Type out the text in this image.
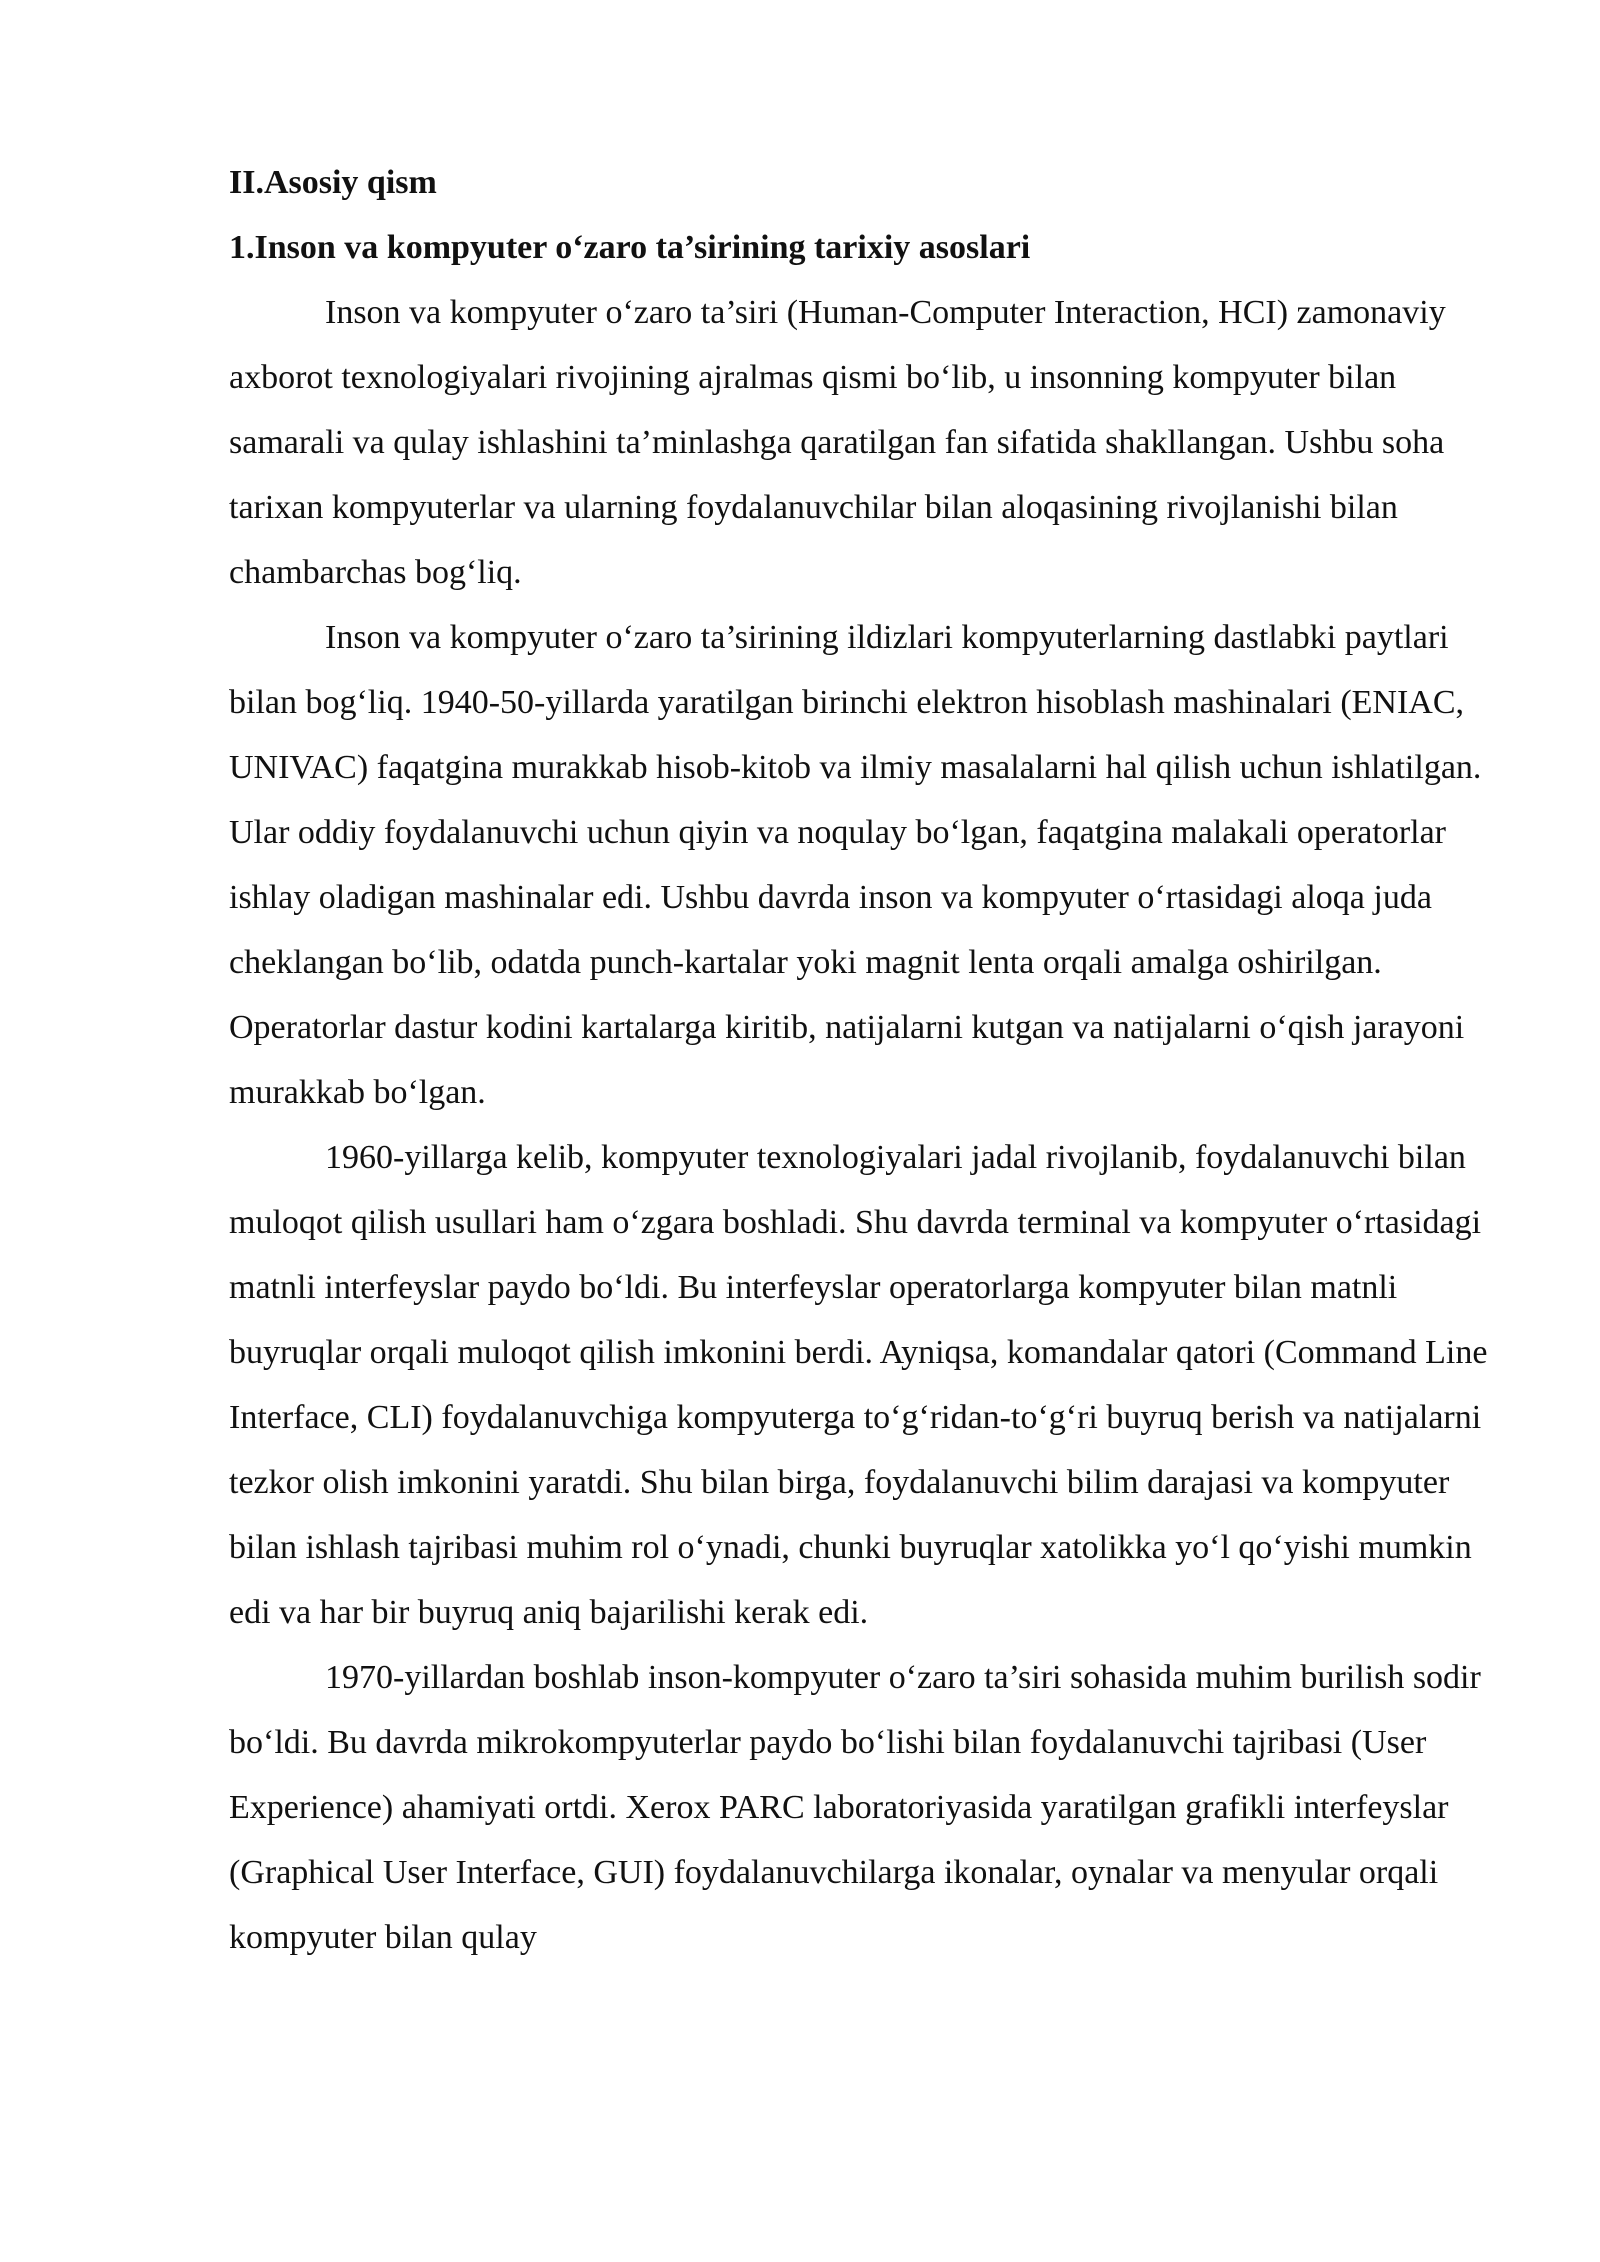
II.Asosiy qism

1.Inson va kompyuter o‘zaro ta’sirining tarixiy asoslari

Inson va kompyuter o‘zaro ta’siri (Human-Computer Interaction, HCI) zamonaviy axborot texnologiyalari rivojining ajralmas qismi bo‘lib, u insonning kompyuter bilan samarali va qulay ishlashini ta’minlashga qaratilgan fan sifatida shakllangan. Ushbu soha tarixan kompyuterlar va ularning foydalanuvchilar bilan aloqasining rivojlanishi bilan chambarchas bog‘liq.

Inson va kompyuter o‘zaro ta’sirining ildizlari kompyuterlarning dastlabki paytlari bilan bog‘liq. 1940-50-yillarda yaratilgan birinchi elektron hisoblash mashinalari (ENIAC, UNIVAC) faqatgina murakkab hisob-kitob va ilmiy masalalarni hal qilish uchun ishlatilgan. Ular oddiy foydalanuvchi uchun qiyin va noqulay bo‘lgan, faqatgina malakali operatorlar ishlay oladigan mashinalar edi. Ushbu davrda inson va kompyuter o‘rtasidagi aloqa juda cheklangan bo‘lib, odatda punch-kartalar yoki magnit lenta orqali amalga oshirilgan. Operatorlar dastur kodini kartalarga kiritib, natijalarni kutgan va natijalarni o‘qish jarayoni murakkab bo‘lgan.

1960-yillarga kelib, kompyuter texnologiyalari jadal rivojlanib, foydalanuvchi bilan muloqot qilish usullari ham o‘zgara boshladi. Shu davrda terminal va kompyuter o‘rtasidagi matnli interfeyslar paydo bo‘ldi. Bu interfeyslar operatorlarga kompyuter bilan matnli buyruqlar orqali muloqot qilish imkonini berdi. Ayniqsa, komandalar qatori (Command Line Interface, CLI) foydalanuvchiga kompyuterga to‘g‘ridan-to‘g‘ri buyruq berish va natijalarni tezkor olish imkonini yaratdi. Shu bilan birga, foydalanuvchi bilim darajasi va kompyuter bilan ishlash tajribasi muhim rol o‘ynadi, chunki buyruqlar xatolikka yo‘l qo‘yishi mumkin edi va har bir buyruq aniq bajarilishi kerak edi.

1970-yillardan boshlab inson-kompyuter o‘zaro ta’siri sohasida muhim burilish sodir bo‘ldi. Bu davrda mikrokompyuterlar paydo bo‘lishi bilan foydalanuvchi tajribasi (User Experience) ahamiyati ortdi. Xerox PARC laboratoriyasida yaratilgan grafikli interfeyslar (Graphical User Interface, GUI) foydalanuvchilarga ikonalar, oynalar va menyular orqali kompyuter bilan qulay
